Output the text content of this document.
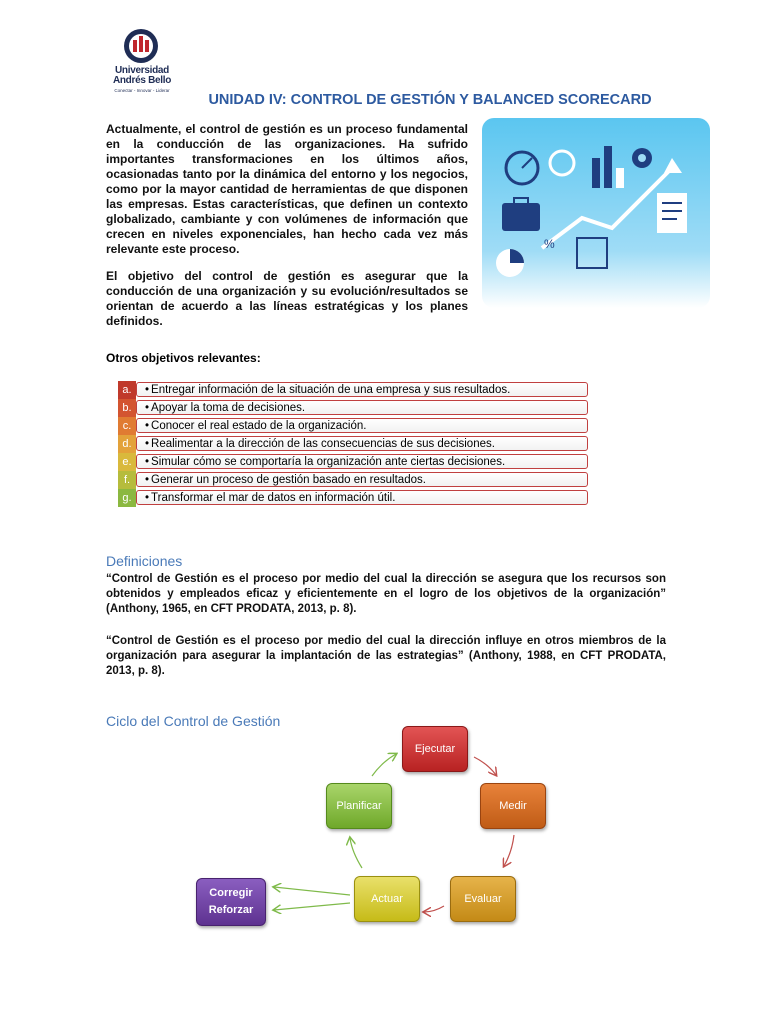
Universidad
Andrés Bello
Conectar - Innovar - Liderar
UNIDAD IV: CONTROL DE GESTIÓN Y BALANCED SCORECARD
Actualmente, el control de gestión es un proceso fundamental en la conducción de las organizaciones. Ha sufrido importantes transformaciones en los últimos años, ocasionadas tanto por la dinámica del entorno y los negocios, como por la mayor cantidad de herramientas de que disponen las empresas. Estas características, que definen un contexto globalizado, cambiante y con volúmenes de información que crecen en niveles exponenciales, han hecho cada vez más relevante este proceso.
El objetivo del control de gestión es asegurar que la conducción de una organización y su evolución/resultados se orientan de acuerdo a las líneas estratégicas y los planes definidos.
Otros objetivos relevantes:
%
a.	• Entregar información de la situación de una empresa y sus resultados.
b.	• Apoyar la toma de decisiones.
c.	• Conocer el real estado de la organización.
d.	• Realimentar a la dirección de las consecuencias de sus decisiones.
e.	• Simular cómo se comportaría la organización ante ciertas decisiones.
f.	• Generar un proceso de gestión basado en resultados.
g.	• Transformar el mar de datos en información útil.
Definiciones
“Control de Gestión es el proceso por medio del cual la dirección se asegura que los recursos son obtenidos y empleados eficaz y eficientemente en el logro de los objetivos de la organización” (Anthony, 1965, en CFT PRODATA, 2013, p. 8).
“Control de Gestión es el proceso por medio del cual la dirección influye en otros miembros de la organización para asegurar la implantación de las estrategias” (Anthony, 1988, en CFT PRODATA, 2013, p. 8).
Ciclo del Control de Gestión
Ejecutar
Medir
Evaluar
Actuar
Planificar
Corregir
Reforzar
